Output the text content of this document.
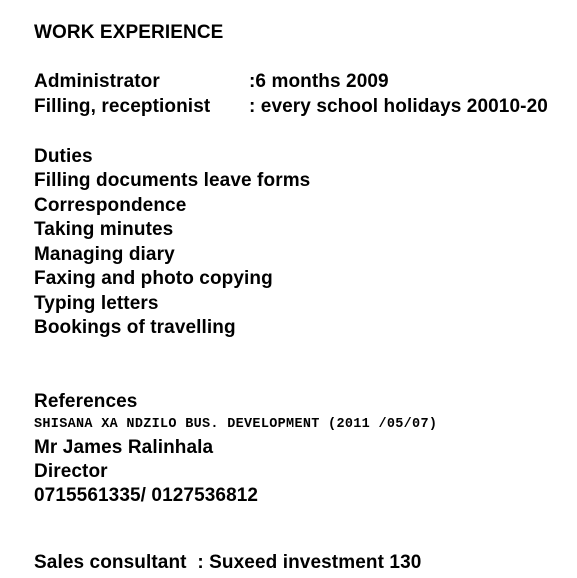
WORK EXPERIENCE
Administrator	:6 months 2009
Filling, receptionist : every school holidays 20010-20
Duties
Filling documents leave forms
Correspondence
Taking minutes
Managing diary
Faxing and photo copying
Typing letters
Bookings of travelling
References
SHISANA XA NDZILO BUS. DEVELOPMENT (2011 /05/07)
Mr James Ralinhala
Director
0715561335/ 0127536812
Sales consultant  : Suxeed investment 130
